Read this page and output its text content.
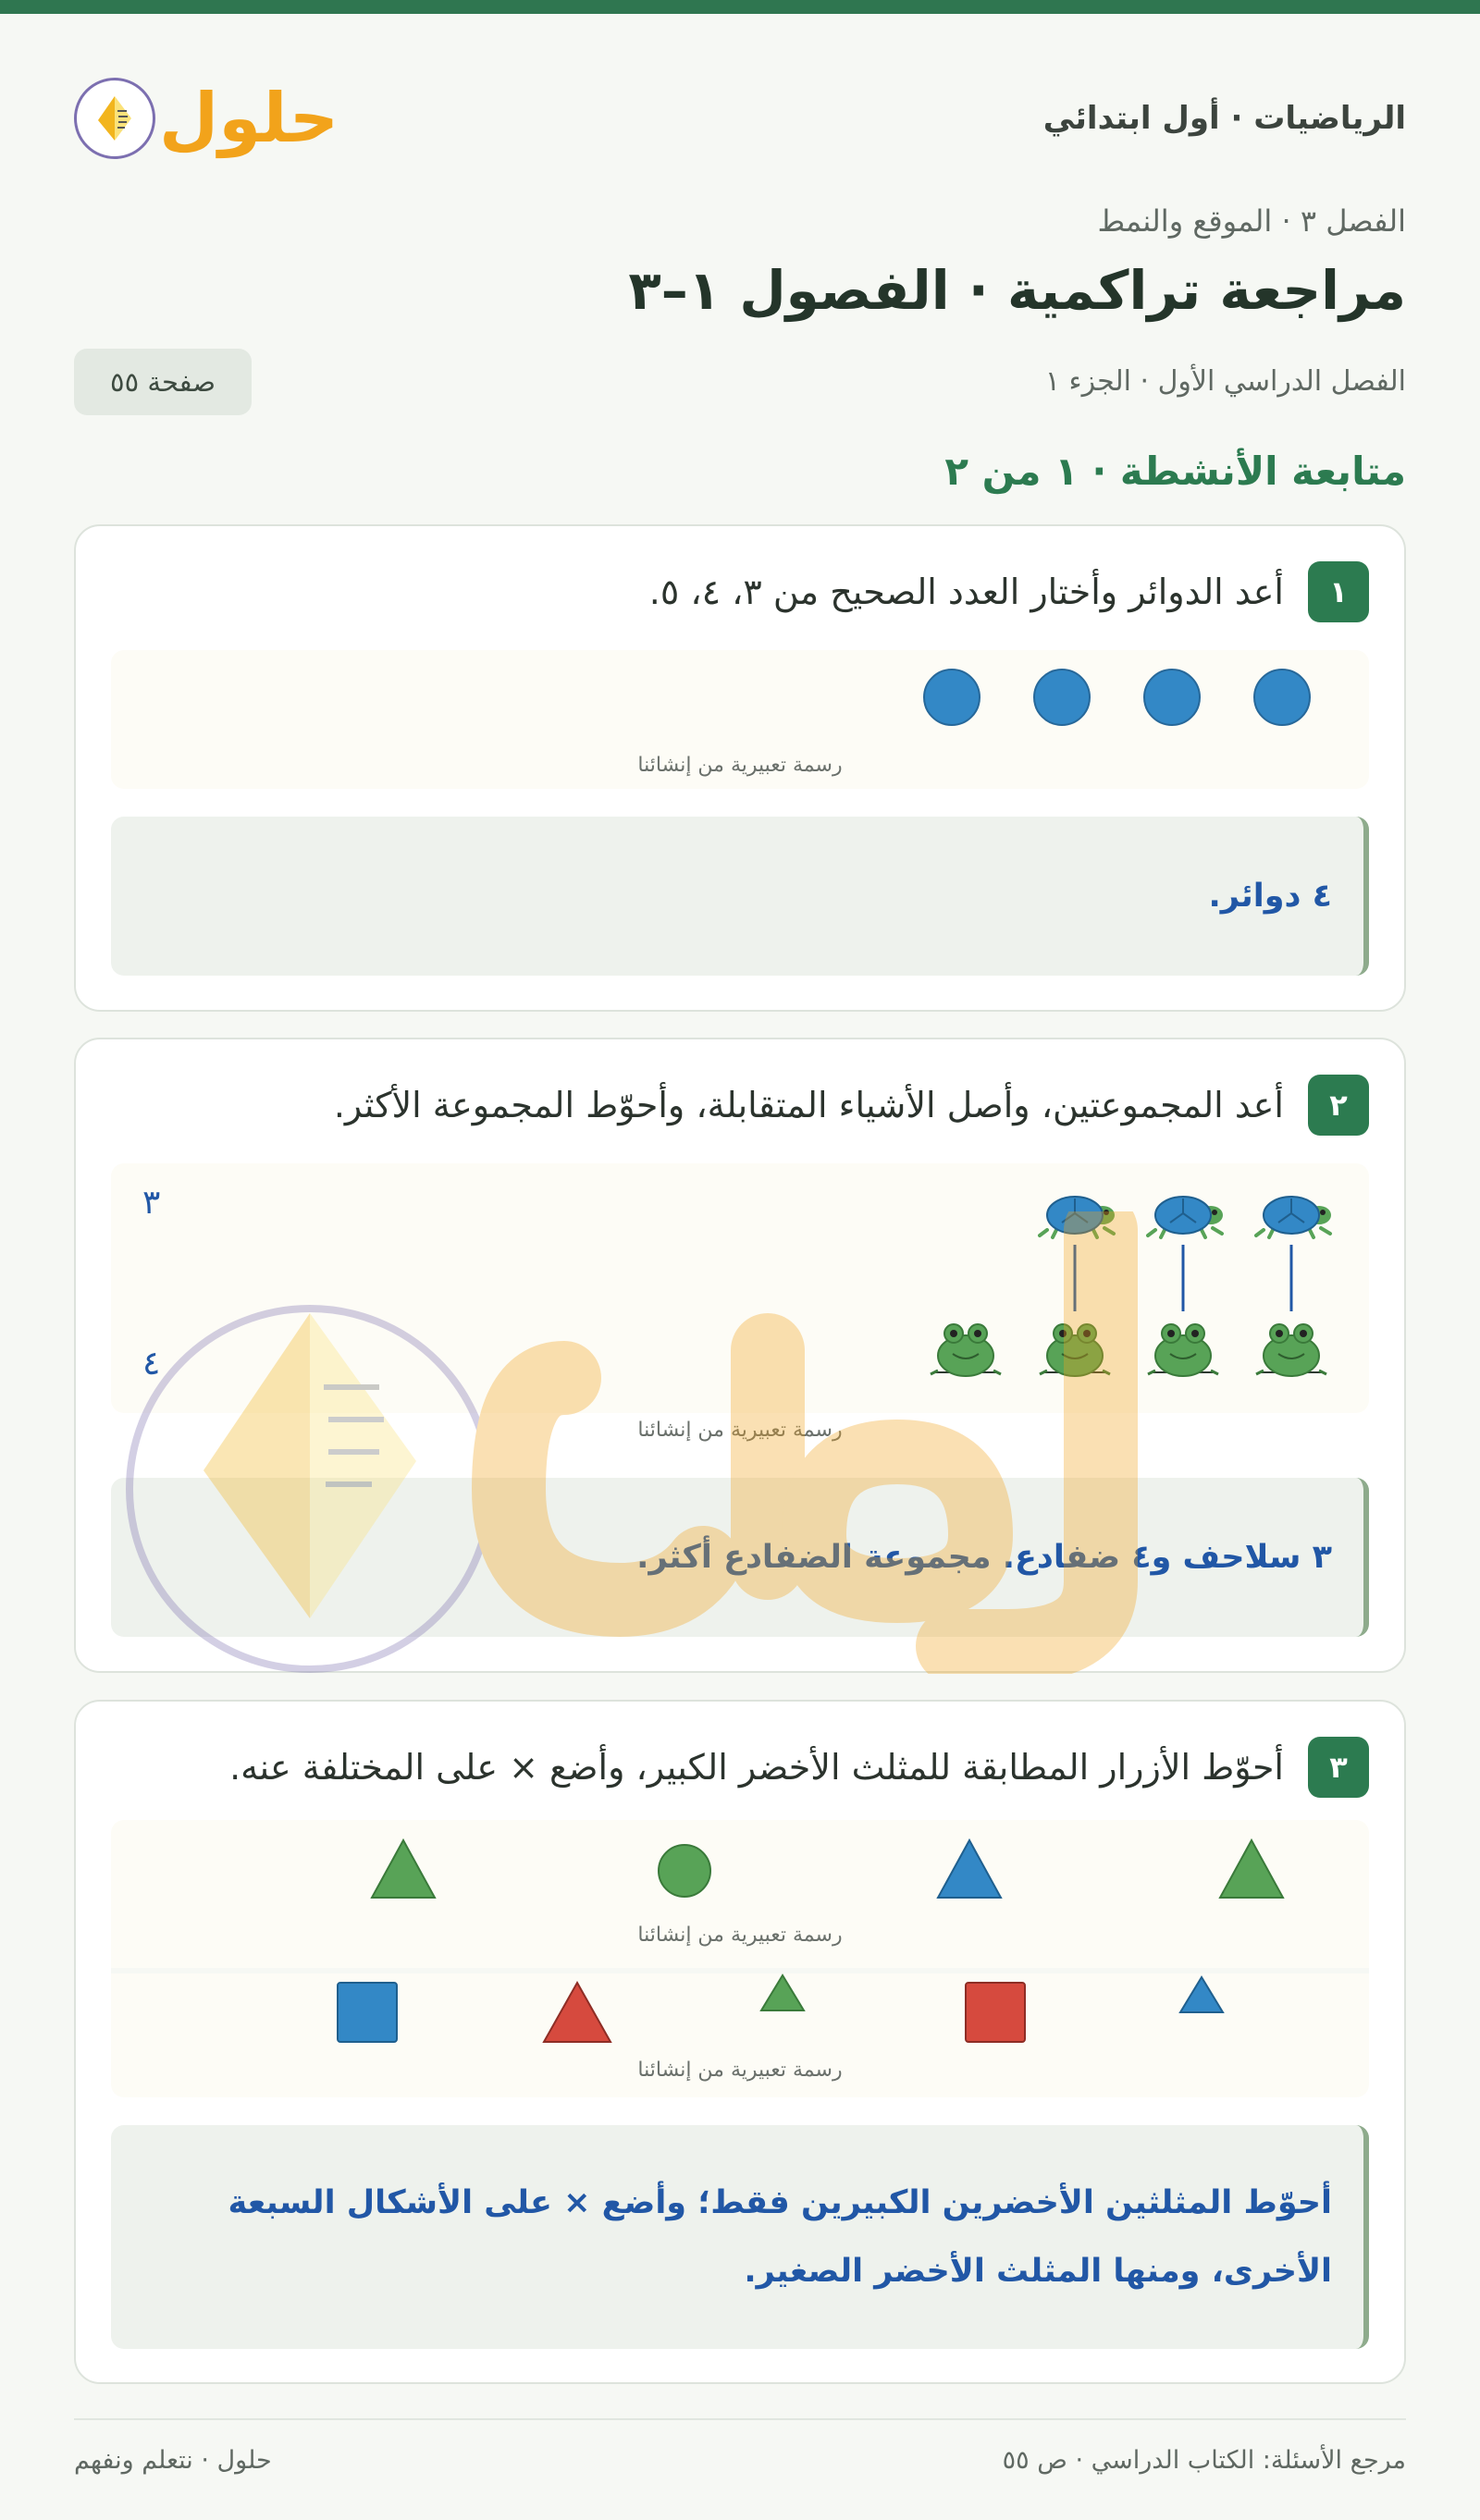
الرياضيات · أول ابتدائي
حلول
الفصل ٣ · الموقع والنمط
مراجعة تراكمية · الفصول ١–٣
الفصل الدراسي الأول · الجزء ١
صفحة ٥٥
متابعة الأنشطة · ١ من ٢
١
أعد الدوائر وأختار العدد الصحيح من ٣، ٤، ٥.
رسمة تعبيرية من إنشائنا
٤ دوائر.
٢
أعد المجموعتين، وأصل الأشياء المتقابلة، وأحوّط المجموعة الأكثر.
٣
٤
رسمة تعبيرية من إنشائنا
٣ سلاحف و٤ ضفادع. مجموعة الضفادع أكثر.
٣
أحوّط الأزرار المطابقة للمثلث الأخضر الكبير، وأضع × على المختلفة عنه.
رسمة تعبيرية من إنشائنا
رسمة تعبيرية من إنشائنا
أحوّط المثلثين الأخضرين الكبيرين فقط؛ وأضع × على الأشكال السبعة
الأخرى، ومنها المثلث الأخضر الصغير.
مرجع الأسئلة: الكتاب الدراسي · ص ٥٥
حلول · نتعلم ونفهم
